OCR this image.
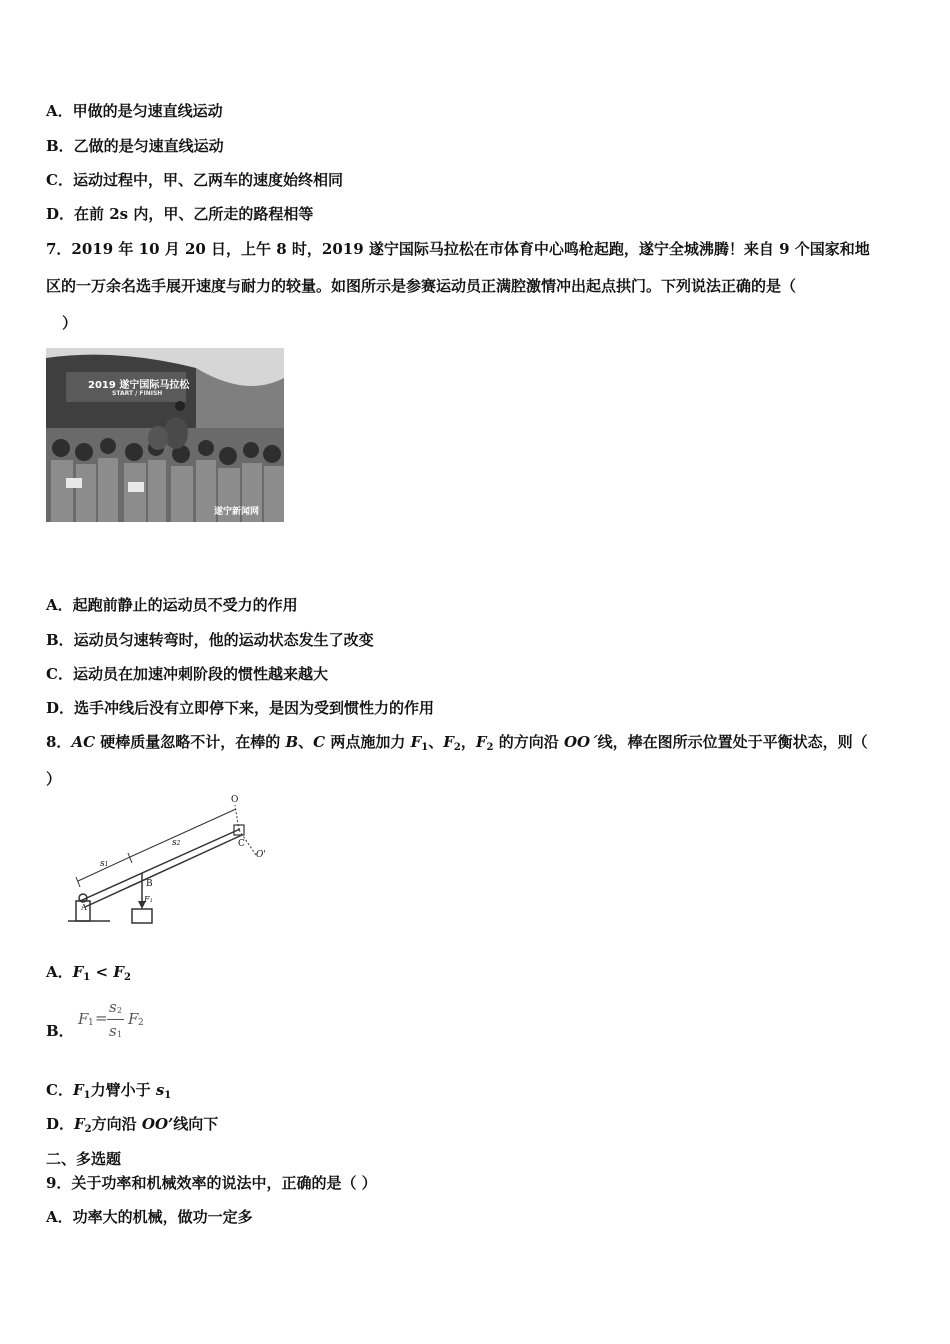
A．甲做的是匀速直线运动
B．乙做的是匀速直线运动
C．运动过程中，甲、乙两车的速度始终相同
D．在前 2s 内，甲、乙所走的路程相等
7．2019 年 10 月 20 日，上午 8 时，2019 遂宁国际马拉松在市体育中心鸣枪起跑，遂宁全城沸腾！来自 9 个国家和地
区的一万余名选手展开速度与耐力的较量。如图所示是参赛运动员正满腔激情冲出起点拱门。下列说法正确的是（
）
2019 遂宁国际马拉松
START / FINISH
遂宁新闻网
A．起跑前静止的运动员不受力的作用
B．运动员匀速转弯时，他的运动状态发生了改变
C．运动员在加速冲刺阶段的惯性越来越大
D．选手冲线后没有立即停下来，是因为受到惯性力的作用
8．AC 硬棒质量忽略不计，在棒的 B、C 两点施加力 $F_1$、$F_2$，$F_2$ 的方向沿 OO´线，棒在图所示位置处于平衡状态，则（
）
O
O'
C
A
B
s1
s2
F1
A．$F_1 < F_2$
B．
F 1 =
s 2
s 1
F 2
C．$F_1$力臂小于 $s_1$
D．$F_2$方向沿 OO’线向下
二、多选题
9．关于功率和机械效率的说法中，正确的是（ ）
A．功率大的机械，做功一定多
